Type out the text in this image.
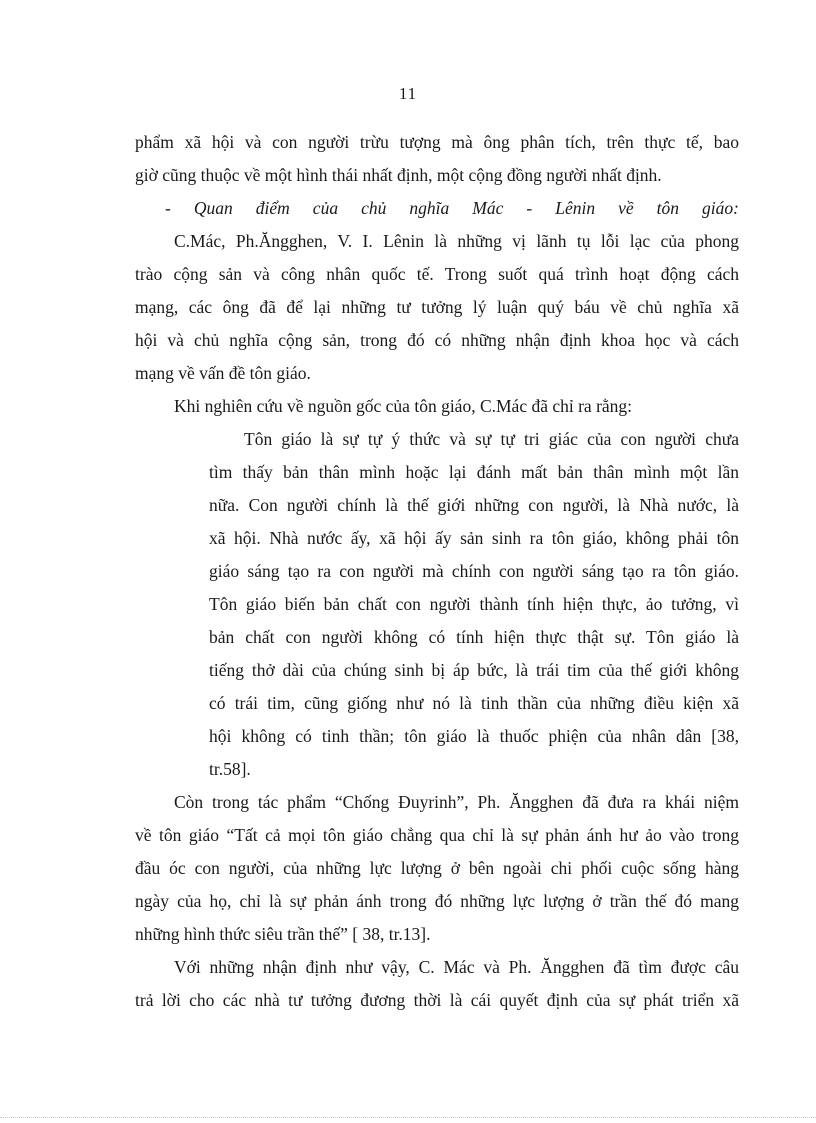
11

phẩm xã hội và con người trừu tượng mà ông phân tích, trên thực tế, bao
giờ cũng thuộc về một hình thái nhất định, một cộng đồng người nhất định.

- Quan điểm của chủ nghĩa Mác - Lênin về tôn giáo:

C.Mác, Ph.Ăngghen, V. I. Lênin là những vị lãnh tụ lỗi lạc của phong
trào cộng sản và công nhân quốc tế. Trong suốt quá trình hoạt động cách
mạng, các ông đã để lại những tư tưởng lý luận quý báu về chủ nghĩa xã
hội và chủ nghĩa cộng sản, trong đó có những nhận định khoa học và cách
mạng về vấn đề tôn giáo.

Khi nghiên cứu về nguồn gốc của tôn giáo, C.Mác đã chỉ ra rằng:

Tôn giáo là sự tự ý thức và sự tự tri giác của con người chưa
tìm thấy bản thân mình hoặc lại đánh mất bản thân mình một lần
nữa. Con người chính là thế giới những con người, là Nhà nước, là
xã hội. Nhà nước ấy, xã hội ấy sản sinh ra tôn giáo, không phải tôn
giáo sáng tạo ra con người mà chính con người sáng tạo ra tôn giáo.
Tôn giáo biến bản chất con người thành tính hiện thực, ảo tưởng, vì
bản chất con người không có tính hiện thực thật sự. Tôn giáo là
tiếng thở dài của chúng sinh bị áp bức, là trái tim của thế giới không
có trái tim, cũng giống như nó là tinh thần của những điều kiện xã
hội không có tinh thần; tôn giáo là thuốc phiện của nhân dân [38,
tr.58].

Còn trong tác phẩm “Chống Đuyrinh”, Ph. Ăngghen đã đưa ra khái niệm
về tôn giáo “Tất cả mọi tôn giáo chẳng qua chỉ là sự phản ánh hư ảo vào trong
đầu óc con người, của những lực lượng ở bên ngoài chi phối cuộc sống hàng
ngày của họ, chỉ là sự phản ánh trong đó những lực lượng ở trần thế đó mang
những hình thức siêu trần thế” [ 38, tr.13].

Với những nhận định như vậy, C. Mác và Ph. Ăngghen đã tìm được câu
trả lời cho các nhà tư tưởng đương thời là cái quyết định của sự phát triển xã
